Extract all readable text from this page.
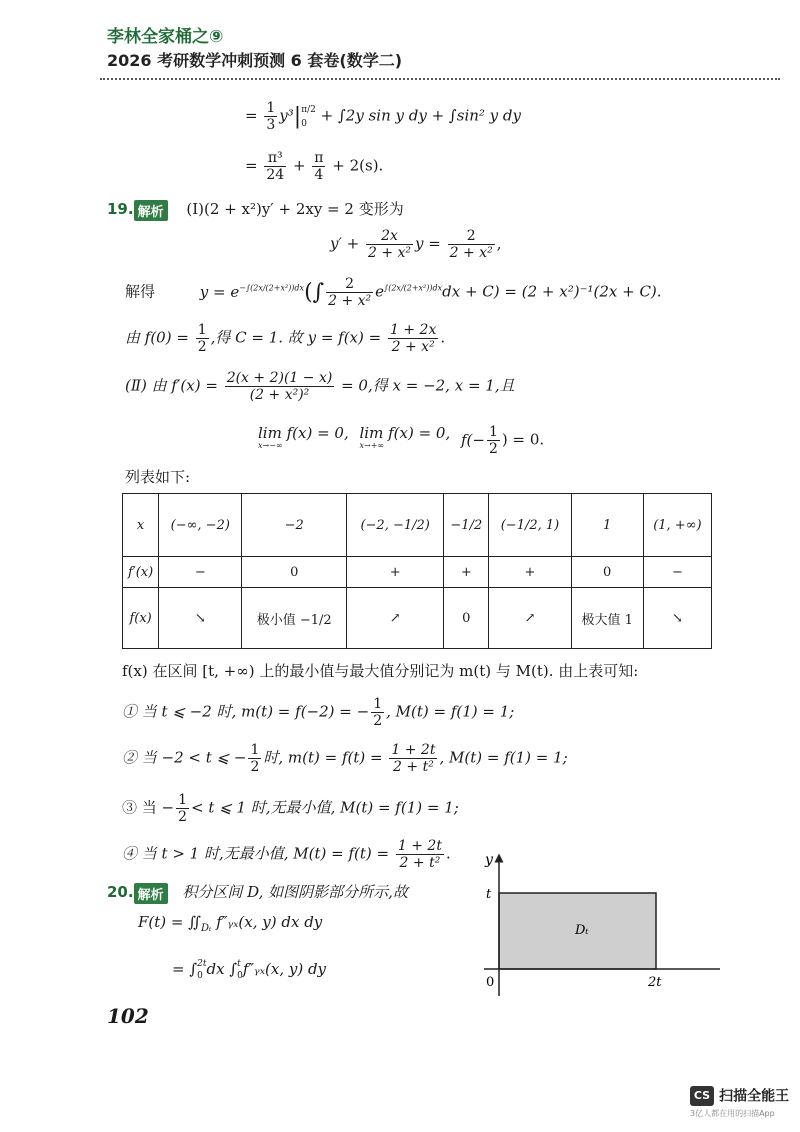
李林全家桶之⑨
2026 考研数学冲刺预测 6 套卷(数学二)
= $\frac{1}{3} y^3|$ π/2
0 + ∫2y sin y dy + ∫sin² y dy
= $\frac{\text{π³}}{24} + \frac{\pi}{4} + 2(s)$.
19. 解析 (Ⅰ)(2 + x²)y′ + 2xy = 2 变形为
$y' + \frac{2x}{\text{2 + x²}}$ $y = \frac{2}{\text{2 + x²}}$ ,
解得	$y = e^{-\int(2x/(2+x^2))dx}(\int \frac{2}{\text{2 + x²}} e^{\int(2x/(2+x^2))dx}dx + C) = (2 + x^2)^{-1}(2x + C)$.
由 $f(0) = \frac{1}{2}$ ,得 C = 1. 故 $y = f(x) = \frac{1 + 2x}{\text{2 + x²}}$ .
(Ⅱ) 由 $f'(x) = \frac{2(x + 2)(1 - x)}{\text{(2 + x²)²}} = 0$,得 x = −2, x = 1,且
lim f(x) = 0,
x→−∞
lim f(x) = 0,
x→+∞	$f(- \frac{1}{2}$ ) = 0.
列表如下:
x	(−∞, −2)	−2	(−2, −1/2)	−1/2	(−1/2, 1)	1	(1, +∞)
f′(x)	−	0	+	+	+	0	−
f(x)	↘	极小值 −1/2	↗	0	↗	极大值 1	↘
f(x) 在区间 [t, +∞) 上的最小值与最大值分别记为 m(t) 与 M(t). 由上表可知:
① 当 t ⩽ −2 时, m(t) = f(−2) = − $\frac{1}{2}$ , M(t) = f(1) = 1;
② 当 −2 < t ⩽ − $\frac{1}{2}$ 时, $m(t) = f(t) = \frac{1 + 2t}{\text{2 + t²}}$ , M(t) = f(1) = 1;
③ 当 − $\frac{1}{2} < t$ ⩽ 1 时,无最小值, M(t) = f(1) = 1;
④ 当 t > 1 时,无最小值, $M(t) = f(t) = \frac{1 + 2t}{\text{2 + t²}}$ .
20. 解析 积分区间 D, 如图阴影部分所示,故
$F(t) = ∬_{D_t}$ f″ᵧₓ(x, y) dx dy
= ∫ 2t
0 dx ∫ t
0 f″ᵧₓ(x, y) dy
y
t
Dₜ
0	2t
102
CS 扫描全能王
3亿人都在用的扫描App
